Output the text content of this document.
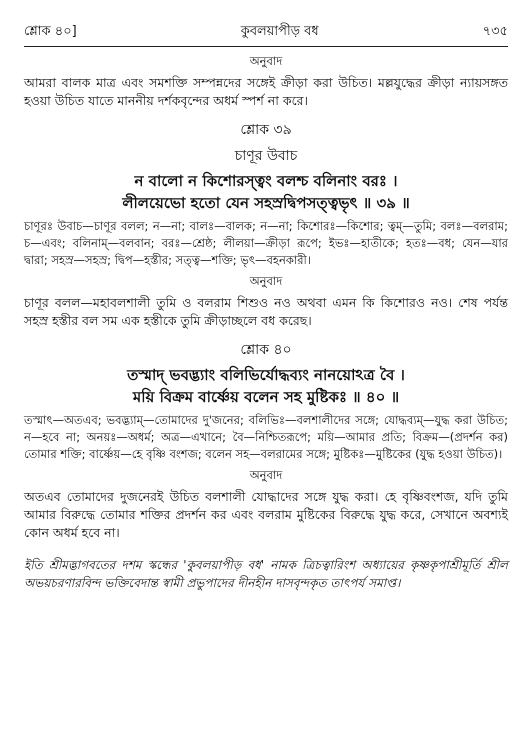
শ্লোক ৪০]	কুবলয়াপীড় বধ	৭৩৫
অনুবাদ

আমরা বালক মাত্র এবং সমশক্তি সম্পন্নদের সঙ্গেই ক্রীড়া করা উচিত। মল্লযুদ্ধের ক্রীড়া ন্যায়সঙ্গত হওয়া উচিত যাতে মাননীয় দর্শকবৃন্দের অধর্ম স্পর্শ না করে।

শ্লোক ৩৯
চাণূর উবাচ

ন বালো ন কিশোরস্ত্বং বলশ্চ বলিনাং বরঃ ।

লীলয়েভো হতো যেন সহস্রদ্বিপসত্ত্বভৃৎ ॥ ৩৯ ॥

চাণূরঃ উবাচ—চাণূর বলল; ন—না; বালঃ—বালক; ন—না; কিশোরঃ—কিশোর; ত্বম্—তুমি; বলঃ—বলরাম; চ—এবং; বলিনাম্—বলবান; বরঃ—শ্রেষ্ঠ; লীলয়া—ক্রীড়া রূপে; ইভঃ—হাতীকে; হতঃ—বধ; যেন—যার দ্বারা; সহস্র—সহস্র; দ্বিপ—হস্তীর; সত্ত্ব—শক্তি; ভৃৎ—বহনকারী।

অনুবাদ

চাণূর বলল—মহাবলশালী তুমি ও বলরাম শিশুও নও অথবা এমন কি কিশোরও নও। শেষ পর্যন্ত সহস্র হস্তীর বল সম এক হস্তীকে তুমি ক্রীড়াচ্ছলে বধ করেছ।

শ্লোক ৪০

তস্মাদ্ ভবদ্ভ্যাং বলিভির্যোদ্ধব্যং নানয়োঽত্র বৈ ।

ময়ি বিক্রম বার্ষ্ণেয় বলেন সহ মুষ্টিকঃ ॥ ৪০ ॥

তস্মাৎ—অতএব; ভবদ্ভ্যাম্—তোমাদের দু'জনের; বলিভিঃ—বলশালীদের সঙ্গে; যোদ্ধব্যম্—যুদ্ধ করা উচিত; ন—হবে না; অনয়ঃ—অধর্ম; অত্র—এখানে; বৈ—নিশ্চিতরূপে; ময়ি—আমার প্রতি; বিক্রম—(প্রদর্শন কর) তোমার শক্তি; বার্ষ্ণেয়—হে বৃষ্ণি বংশজ; বলেন সহ—বলরামের সঙ্গে; মুষ্টিকঃ—মুষ্টিকের (যুদ্ধ হওয়া উচিত)।

অনুবাদ

অতএব তোমাদের দুজনেরই উচিত বলশালী যোদ্ধাদের সঙ্গে যুদ্ধ করা। হে বৃষ্ণিবংশজ, যদি তুমি আমার বিরুদ্ধে তোমার শক্তির প্রদর্শন কর এবং বলরাম মুষ্টিকের বিরুদ্ধে যুদ্ধ করে, সেখানে অবশ্যই কোন অধর্ম হবে না।

ইতি শ্রীমদ্ভাগবতের দশম স্কন্ধের 'কুবলয়াপীড় বধ' নামক ত্রিচত্বারিংশ অধ্যায়ের কৃষ্ণকৃপাশ্রীমূর্তি শ্রীল অভয়চরণারবিন্দ ভক্তিবেদান্ত স্বামী প্রভুপাদের দীনহীন দাসবৃন্দকৃত তাৎপর্য সমাপ্ত।
